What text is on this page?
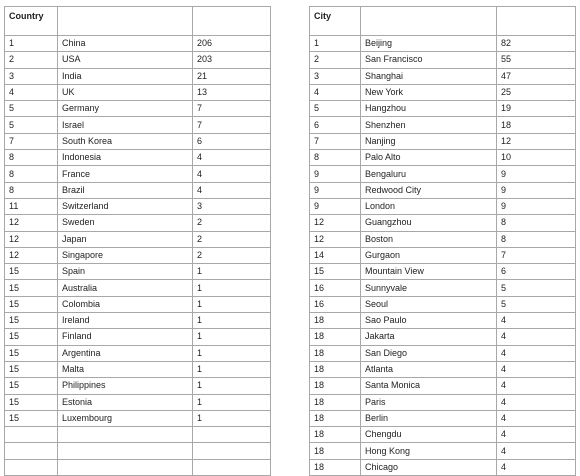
Country		
1	China	206
2	USA	203
3	India	21
4	UK	13
5	Germany	7
5	Israel	7
7	South Korea	6
8	Indonesia	4
8	France	4
8	Brazil	4
11	Switzerland	3
12	Sweden	2
12	Japan	2
12	Singapore	2
15	Spain	1
15	Australia	1
15	Colombia	1
15	Ireland	1
15	Finland	1
15	Argentina	1
15	Malta	1
15	Philippines	1
15	Estonia	1
15	Luxembourg	1

City		
1	Beijing	82
2	San Francisco	55
3	Shanghai	47
4	New York	25
5	Hangzhou	19
6	Shenzhen	18
7	Nanjing	12
8	Palo Alto	10
9	Bengaluru	9
9	Redwood City	9
9	London	9
12	Guangzhou	8
12	Boston	8
14	Gurgaon	7
15	Mountain View	6
16	Sunnyvale	5
16	Seoul	5
18	Sao Paulo	4
18	Jakarta	4
18	San Diego	4
18	Atlanta	4
18	Santa Monica	4
18	Paris	4
18	Berlin	4
18	Chengdu	4
18	Hong Kong	4
18	Chicago	4
